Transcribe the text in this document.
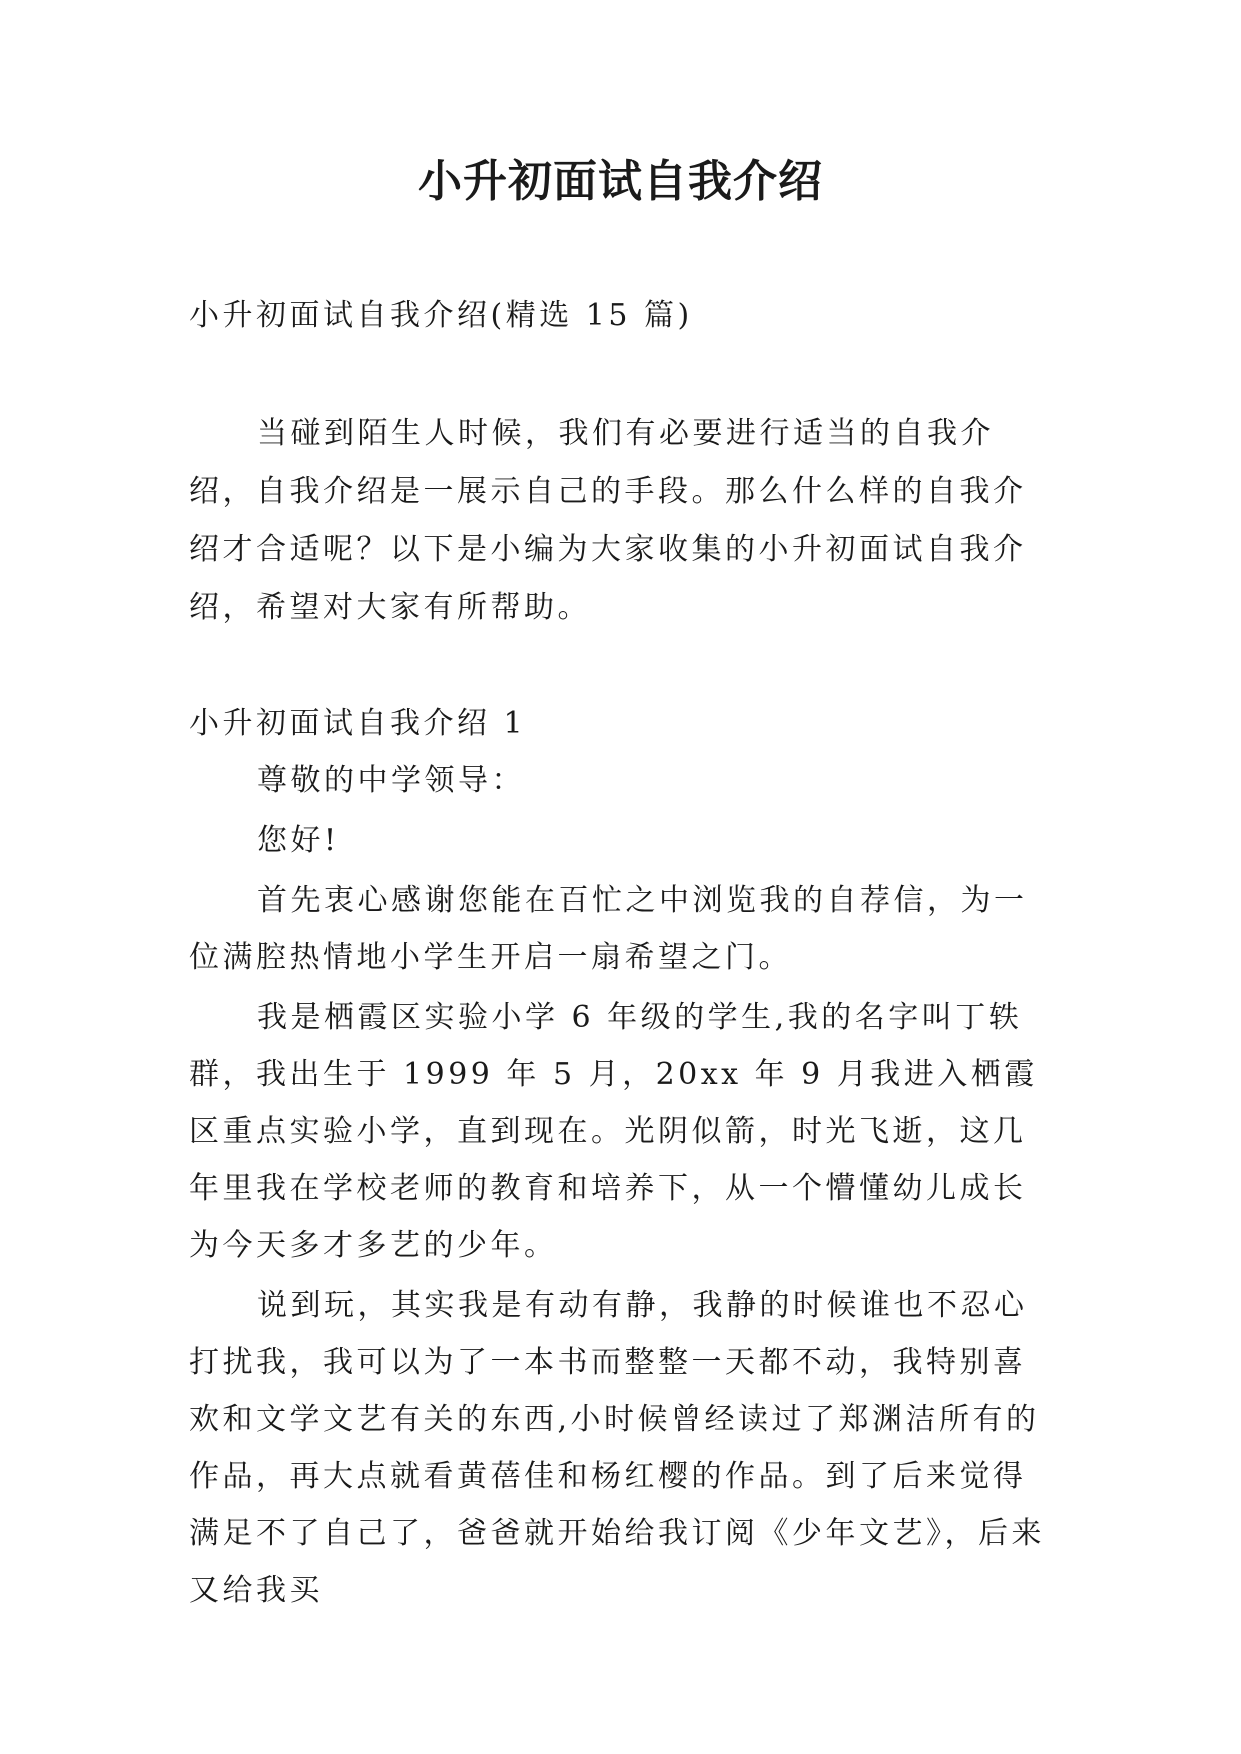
小升初面试自我介绍

小升初面试自我介绍(精选 15 篇)

当碰到陌生人时候，我们有必要进行适当的自我介绍，自我介绍是一展示自己的手段。那么什么样的自我介绍才合适呢？以下是小编为大家收集的小升初面试自我介绍，希望对大家有所帮助。

小升初面试自我介绍 1

尊敬的中学领导：

您好!

首先衷心感谢您能在百忙之中浏览我的自荐信，为一位满腔热情地小学生开启一扇希望之门。

我是栖霞区实验小学 6 年级的学生,我的名字叫丁轶群，我出生于 1999 年 5 月，20xx 年 9 月我进入栖霞区重点实验小学，直到现在。光阴似箭，时光飞逝，这几年里我在学校老师的教育和培养下，从一个懵懂幼儿成长为今天多才多艺的少年。

说到玩，其实我是有动有静，我静的时候谁也不忍心打扰我，我可以为了一本书而整整一天都不动，我特别喜欢和文学文艺有关的东西,小时候曾经读过了郑渊洁所有的作品，再大点就看黄蓓佳和杨红樱的作品。到了后来觉得满足不了自己了，爸爸就开始给我订阅《少年文艺》，后来又给我买
